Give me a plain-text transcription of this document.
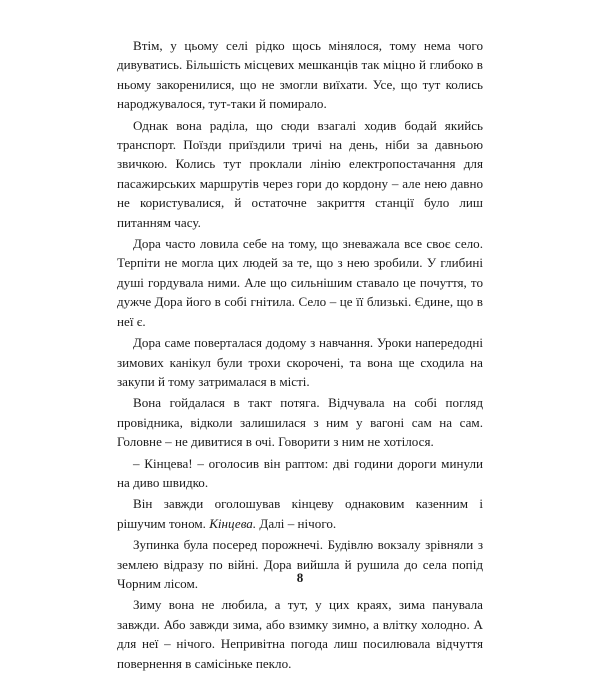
Втім, у цьому селі рідко щось мінялося, тому нема чого дивуватись. Більшість місцевих мешканців так міцно й глибоко в ньому закоренилися, що не змогли виїхати. Усе, що тут колись народжувалося, тут-таки й помирало.

Однак вона раділа, що сюди взагалі ходив бодай якийсь транспорт. Поїзди приїздили тричі на день, ніби за давньою звичкою. Колись тут проклали лінію електропостачання для пасажирських маршрутів через гори до кордону – але нею давно не користувалися, й остаточне закриття станції було лиш питанням часу.

Дора часто ловила себе на тому, що зневажала все своє село. Терпіти не могла цих людей за те, що з нею зробили. У глибині душі гордувала ними. Але що сильнішим ставало це почуття, то дужче Дора його в собі гнітила. Село – це її близькі. Єдине, що в неї є.

Дора саме поверталася додому з навчання. Уроки напередодні зимових канікул були трохи скорочені, та вона ще сходила на закупи й тому затрималася в місті.

Вона гойдалася в такт потяга. Відчувала на собі погляд провідника, відколи залишилася з ним у вагоні сам на сам. Головне – не дивитися в очі. Говорити з ним не хотілося.

– Кінцева! – оголосив він раптом: дві години дороги минули на диво швидко.

Він завжди оголошував кінцеву однаковим казенним і рішучим тоном. Кінцева. Далі – нічого.

Зупинка була посеред порожнечі. Будівлю вокзалу зрівняли з землею відразу по війні. Дора вийшла й рушила до села попід Чорним лісом.

Зиму вона не любила, а тут, у цих краях, зима панувала завжди. Або завжди зима, або взимку зимно, а влітку холодно. А для неї – нічого. Непривітна погода лиш посилювала відчуття повернення в самісіньке пекло.

8
